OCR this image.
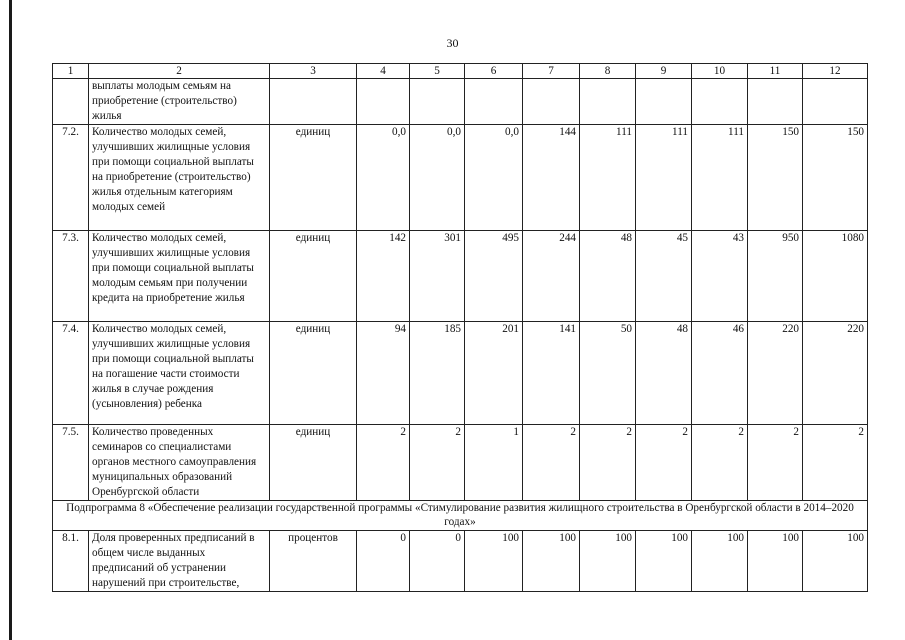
30
1	2	3	4	5	6	7	8	9	10	11	12
	выплаты молодым семьям на приобретение (строительство) жилья										
7.2.	Количество молодых семей, улучшивших жилищные условия при помощи социальной выплаты на приобретение (строительство) жилья отдельным категориям молодых семей	единиц	0,0	0,0	0,0	144	111	111	111	150	150
7.3.	Количество молодых семей, улучшивших жилищные условия при помощи социальной выплаты молодым семьям при получении кредита на приобретение жилья	единиц	142	301	495	244	48	45	43	950	1080
7.4.	Количество молодых семей, улучшивших жилищные условия при помощи социальной выплаты на погашение части стоимости жилья в случае рождения (усыновления) ребенка	единиц	94	185	201	141	50	48	46	220	220
7.5.	Количество проведенных семинаров со специалистами органов местного самоуправления муниципальных образований Оренбургской области	единиц	2	2	1	2	2	2	2	2	2
Подпрограмма 8 «Обеспечение реализации государственной программы «Стимулирование развития жилищного строительства в Оренбургской области в 2014–2020 годах»											
8.1.	Доля проверенных предписаний в общем числе выданных предписаний об устранении нарушений при строительстве,	процентов	0	0	100	100	100	100	100	100	100
